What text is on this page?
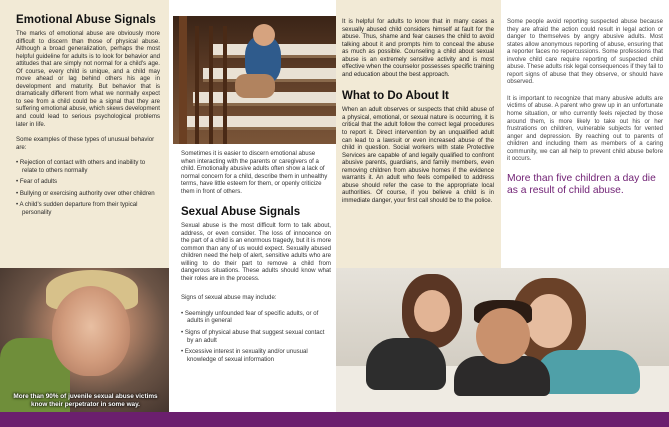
Emotional Abuse Signals

The marks of emotional abuse are obviously more difficult to discern than those of physical abuse. Although a broad generalization, perhaps the most helpful guideline for adults is to look for behavior and attitudes that are simply not normal for a child's age. Of course, every child is unique, and a child may move ahead or lag behind others his age in development and maturity. But behavior that is dramatically different from what we normally expect to see from a child could be a signal that they are suffering emotional abuse, which skews development and could lead to serious psychological problems later in life.

Some examples of these types of unusual behavior are:

• Rejection of contact with others and inability to relate to others normally
• Fear of adults
• Bullying or exercising authority over other children
• A child's sudden departure from their typical personality

More than 90% of juvenile sexual abuse victims know their perpetrator in some way.

Sometimes it is easier to discern emotional abuse when interacting with the parents or caregivers of a child. Emotionally abusive adults often show a lack of normal concern for a child, describe them in unhealthy terms, have little esteem for them, or openly criticize them in front of others.

Sexual Abuse Signals

Sexual abuse is the most difficult form to talk about, address, or even consider. The loss of innocence on the part of a child is an enormous tragedy, but it is more common than any of us would expect. Sexually abused children need the help of alert, sensitive adults who are willing to do their part to remove a child from dangerous situations. These adults should know what their roles are in the process.

Signs of sexual abuse may include:

• Seemingly unfounded fear of specific adults, or of adults in general
• Signs of physical abuse that suggest sexual contact by an adult
• Excessive interest in sexuality and/or unusual knowledge of sexual information

It is helpful for adults to know that in many cases a sexually abused child considers himself at fault for the abuse. Thus, shame and fear causes the child to avoid talking about it and prompts him to conceal the abuse as much as possible. Counseling a child about sexual abuse is an extremely sensitive activity and is most effective when the counselor possesses specific training and education about the best approach.

What to Do About It

When an adult observes or suspects that child abuse of a physical, emotional, or sexual nature is occurring, it is critical that the adult follow the correct legal procedures to report it. Direct intervention by an unqualified adult can lead to a lawsuit or even increased abuse of the child in question. Social workers with state Protective Services are capable of and legally qualified to confront abusive parents, guardians, and family members, even removing children from abusive homes if the evidence warrants it. An adult who feels compelled to address abuse should refer the case to the appropriate local authorities. Of course, if you believe a child is in immediate danger, your first call should be to the police.

Some people avoid reporting suspected abuse because they are afraid the action could result in legal action or danger to themselves by angry abusive adults. Most states allow anonymous reporting of abuse, ensuring that a reporter faces no repercussions. Some professions that involve child care require reporting of suspected child abuse. These adults risk legal consequences if they fail to report signs of abuse that they observe, or should have observed.

It is important to recognize that many abusive adults are victims of abuse. A parent who grew up in an unfortunate home situation, or who currently feels rejected by those around them, is more likely to take out his or her frustrations on children, vulnerable subjects for vented anger and depression. By reaching out to parents of children and including them as members of a caring community, we can all help to prevent child abuse before it occurs.

More than five children a day die as a result of child abuse.
